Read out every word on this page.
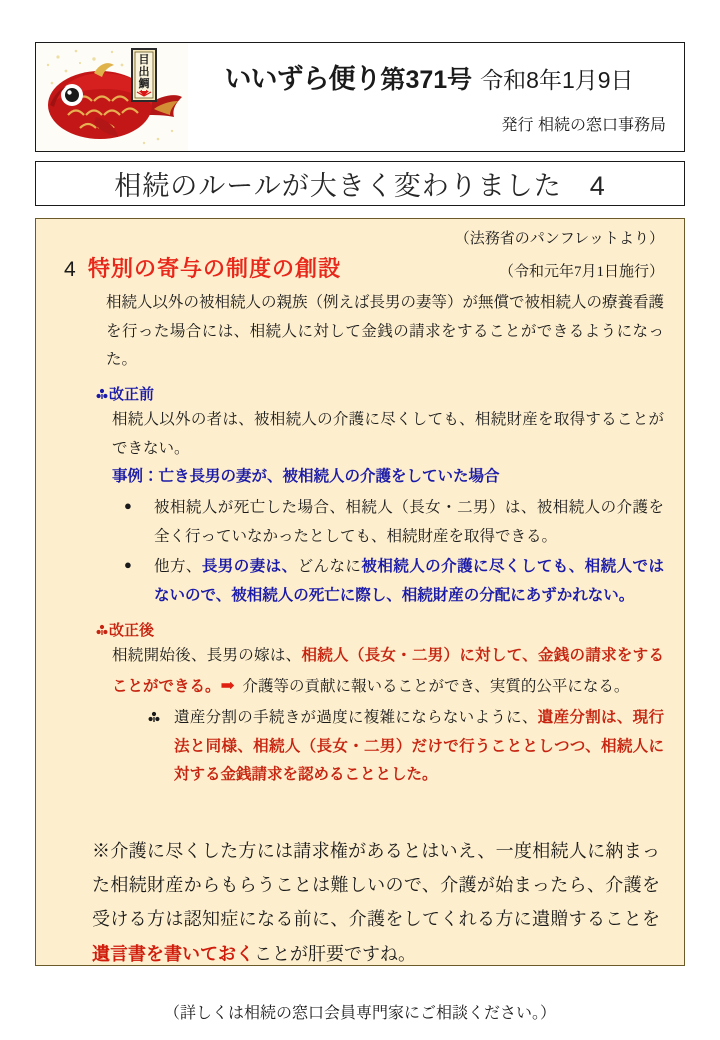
目
出
鯛	いいずら便り第371号 令和8年1月9日
発行 相続の窓口事務局
相続のルールが大きく変わりました　4
（法務省のパンフレットより）
4 特別の寄与の制度の創設	（令和元年7月1日施行）

相続人以外の被相続人の親族（例えば長男の妻等）が無償で被相続人の療養看護を行った場合には、相続人に対して金銭の請求をすることができるようになった。

改正前

相続人以外の者は、被相続人の介護に尽くしても、相続財産を取得することができない。

事例：亡き長男の妻が、被相続人の介護をしていた場合

●	被相続人が死亡した場合、相続人（長女・二男）は、被相続人の介護を全く行っていなかったとしても、相続財産を取得できる。
●	他方、長男の妻は、どんなに被相続人の介護に尽くしても、相続人ではないので、被相続人の死亡に際し、相続財産の分配にあずかれない。
改正後

相続開始後、長男の嫁は、相続人（長女・二男）に対して、金銭の請求をすることができる。➡ 介護等の貢献に報いることができ、実質的公平になる。

遺産分割の手続きが過度に複雑にならないように、遺産分割は、現行法と同様、相続人（長女・二男）だけで行うこととしつつ、相続人に対する金銭請求を認めることとした。

※介護に尽くした方には請求権があるとはいえ、一度相続人に納まった相続財産からもらうことは難しいので、介護が始まったら、介護を受ける方は認知症になる前に、介護をしてくれる方に遺贈することを遺言書を書いておくことが肝要ですね。

（詳しくは相続の窓口会員専門家にご相談ください。）
